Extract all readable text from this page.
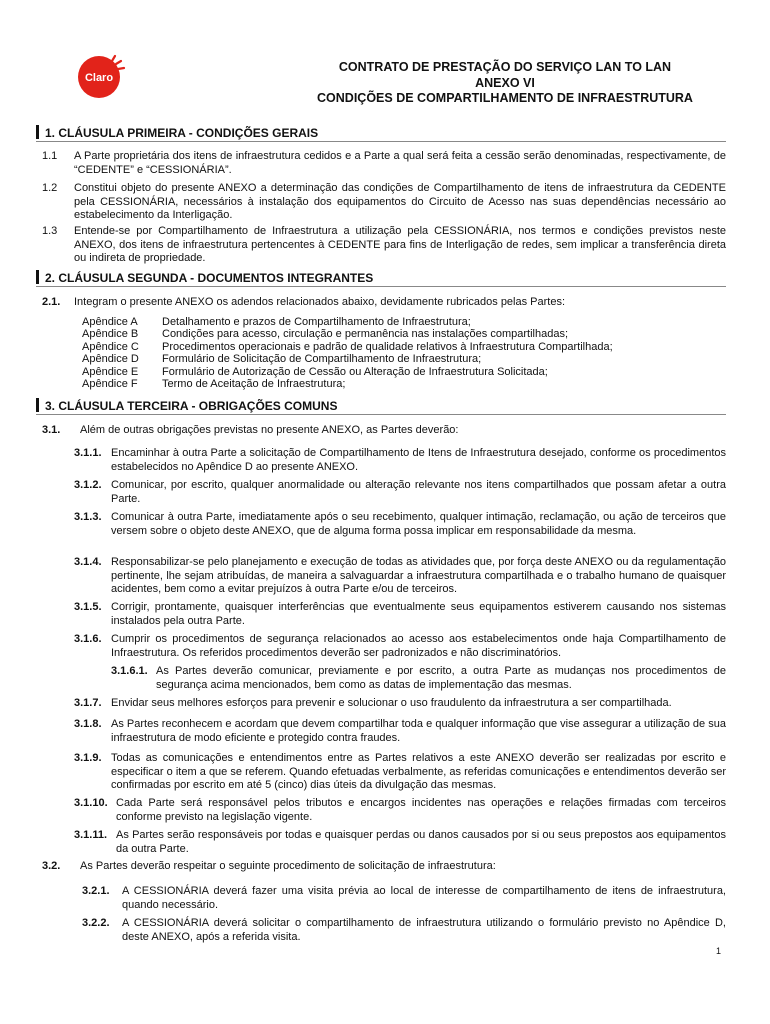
Claro
CONTRATO DE PRESTAÇÃO DO SERVIÇO LAN TO LAN
ANEXO VI
CONDIÇÕES DE COMPARTILHAMENTO DE INFRAESTRUTURA
1. CLÁUSULA PRIMEIRA - CONDIÇÕES GERAIS
1.1 A Parte proprietária dos itens de infraestrutura cedidos e a Parte a qual será feita a cessão serão denominadas, respectivamente, de “CEDENTE” e “CESSIONÁRIA”.
1.2 Constitui objeto do presente ANEXO a determinação das condições de Compartilhamento de itens de infraestrutura da CEDENTE pela CESSIONÁRIA, necessários à instalação dos equipamentos do Circuito de Acesso nas suas dependências necessário ao estabelecimento da Interligação.
1.3 Entende-se por Compartilhamento de Infraestrutura a utilização pela CESSIONÁRIA, nos termos e condições previstos neste ANEXO, dos itens de infraestrutura pertencentes à CEDENTE para fins de Interligação de redes, sem implicar a transferência direta ou indireta de propriedade.
2. CLÁUSULA SEGUNDA - DOCUMENTOS INTEGRANTES
2.1. Integram o presente ANEXO os adendos relacionados abaixo, devidamente rubricados pelas Partes:
Apêndice A	Detalhamento e prazos de Compartilhamento de Infraestrutura;
Apêndice B	Condições para acesso, circulação e permanência nas instalações compartilhadas;
Apêndice C	Procedimentos operacionais e padrão de qualidade relativos à Infraestrutura Compartilhada;
Apêndice D	Formulário de Solicitação de Compartilhamento de Infraestrutura;
Apêndice E	Formulário de Autorização de Cessão ou Alteração de Infraestrutura Solicitada;
Apêndice F	Termo de Aceitação de Infraestrutura;
3. CLÁUSULA TERCEIRA - OBRIGAÇÕES COMUNS
3.1. Além de outras obrigações previstas no presente ANEXO, as Partes deverão:
3.1.1. Encaminhar à outra Parte a solicitação de Compartilhamento de Itens de Infraestrutura desejado, conforme os procedimentos estabelecidos no Apêndice D ao presente ANEXO.
3.1.2. Comunicar, por escrito, qualquer anormalidade ou alteração relevante nos itens compartilhados que possam afetar a outra Parte.
3.1.3. Comunicar à outra Parte, imediatamente após o seu recebimento, qualquer intimação, reclamação, ou ação de terceiros que versem sobre o objeto deste ANEXO, que de alguma forma possa implicar em responsabilidade da mesma.
3.1.4. Responsabilizar-se pelo planejamento e execução de todas as atividades que, por força deste ANEXO ou da regulamentação pertinente, lhe sejam atribuídas, de maneira a salvaguardar a infraestrutura compartilhada e o trabalho humano de quaisquer acidentes, bem como a evitar prejuízos à outra Parte e/ou de terceiros.
3.1.5. Corrigir, prontamente, quaisquer interferências que eventualmente seus equipamentos estiverem causando nos sistemas instalados pela outra Parte.
3.1.6. Cumprir os procedimentos de segurança relacionados ao acesso aos estabelecimentos onde haja Compartilhamento de Infraestrutura. Os referidos procedimentos deverão ser padronizados e não discriminatórios.
3.1.6.1. As Partes deverão comunicar, previamente e por escrito, a outra Parte as mudanças nos procedimentos de segurança acima mencionados, bem como as datas de implementação das mesmas.
3.1.7. Envidar seus melhores esforços para prevenir e solucionar o uso fraudulento da infraestrutura a ser compartilhada.
3.1.8. As Partes reconhecem e acordam que devem compartilhar toda e qualquer informação que vise assegurar a utilização de sua infraestrutura de modo eficiente e protegido contra fraudes.
3.1.9. Todas as comunicações e entendimentos entre as Partes relativos a este ANEXO deverão ser realizadas por escrito e especificar o item a que se referem. Quando efetuadas verbalmente, as referidas comunicações e entendimentos deverão ser confirmadas por escrito em até 5 (cinco) dias úteis da divulgação das mesmas.
3.1.10. Cada Parte será responsável pelos tributos e encargos incidentes nas operações e relações firmadas com terceiros conforme previsto na legislação vigente.
3.1.11. As Partes serão responsáveis por todas e quaisquer perdas ou danos causados por si ou seus prepostos aos equipamentos da outra Parte.
3.2. As Partes deverão respeitar o seguinte procedimento de solicitação de infraestrutura:
3.2.1. A CESSIONÁRIA deverá fazer uma visita prévia ao local de interesse de compartilhamento de itens de infraestrutura, quando necessário.
3.2.2. A CESSIONÁRIA deverá solicitar o compartilhamento de infraestrutura utilizando o formulário previsto no Apêndice D, deste ANEXO, após a referida visita.
1
